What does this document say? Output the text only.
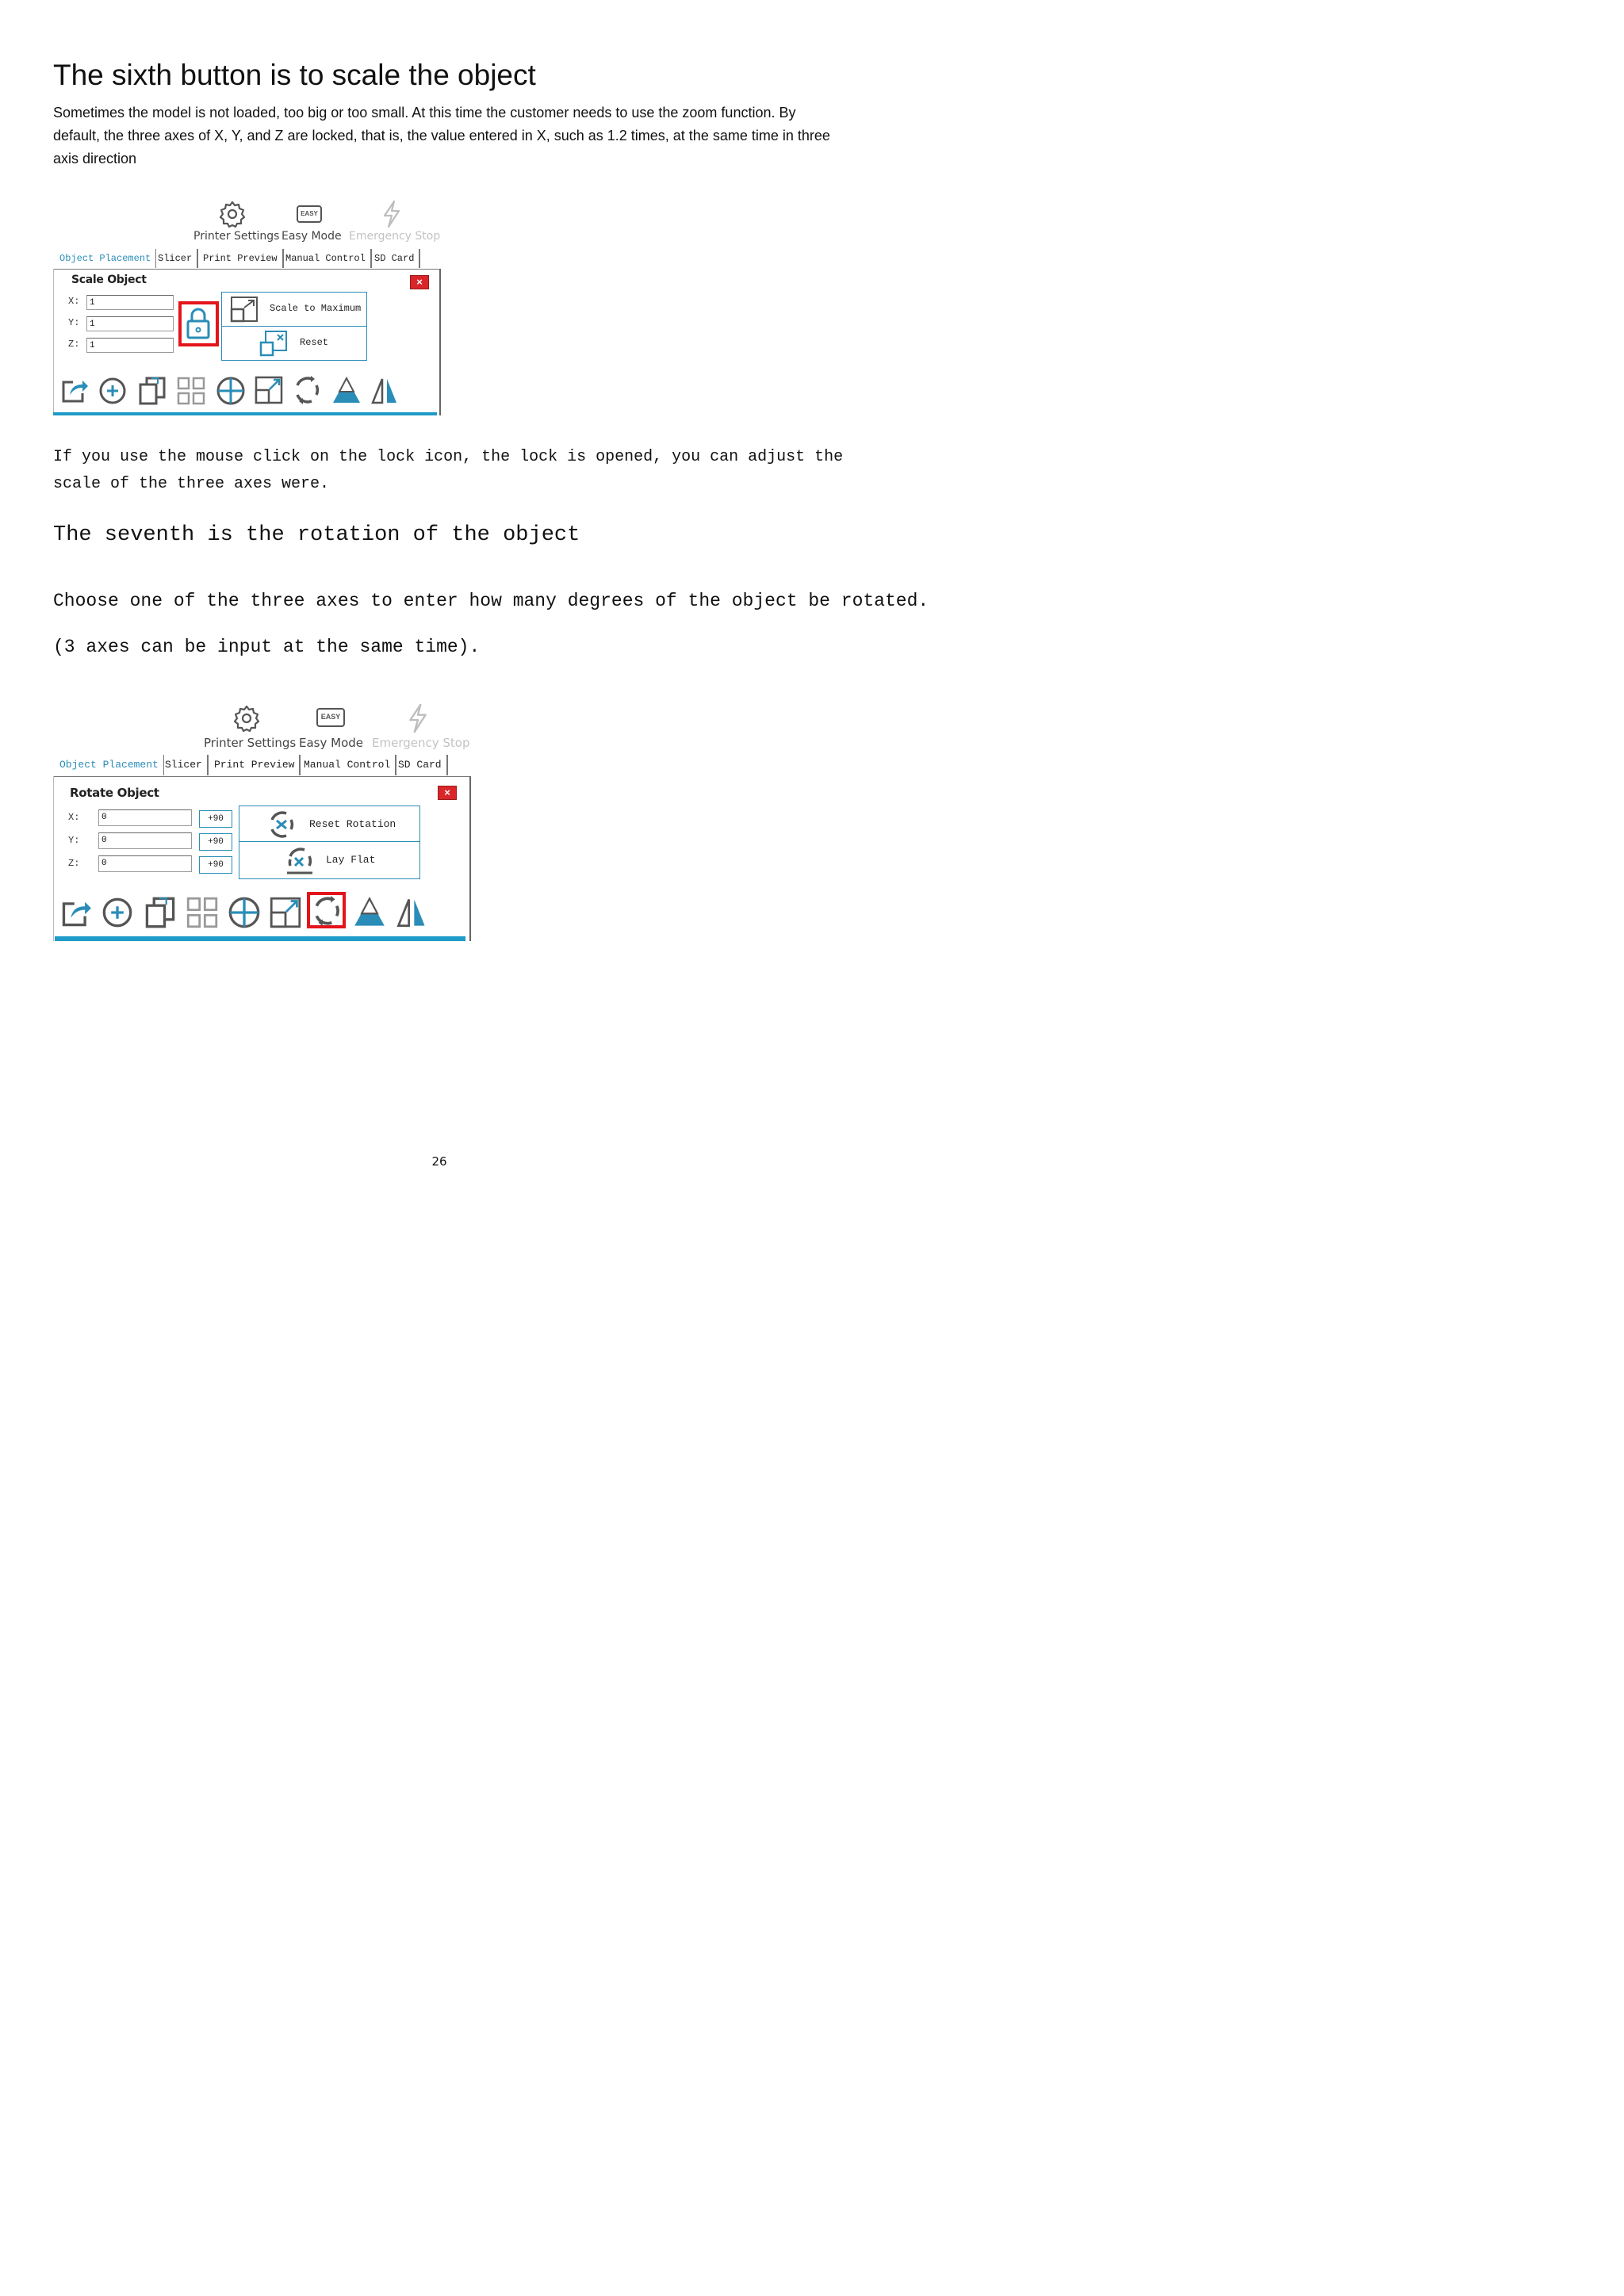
The sixth button is to scale the object
Sometimes the model is not loaded, too big or too small. At this time the customer needs to use the zoom function. By default, the three axes of X, Y, and Z are locked, that is, the value entered in X, such as 1.2 times, at the same time in three axis direction
Printer Settings
EASY
Easy Mode Emergency Stop
Object Placement Slicer	Print Preview Manual Control SD Card
Scale Object	×
X:	1
Y:	1
Z:	1
Scale to Maximum
Reset
If you use the mouse click on the lock icon, the lock is opened, you can adjust the scale of the three axes were.
The seventh is the rotation of the object
Choose one of the three axes to enter how many degrees of the object be rotated.
(3 axes can be input at the same time).
Printer Settings
EASY
Easy Mode Emergency Stop
Object Placement Slicer	Print Preview Manual Control SD Card
Rotate Object	×
X:	0	+90
Y:	0	+90
Z:	0	+90
Reset Rotation
Lay Flat
26
